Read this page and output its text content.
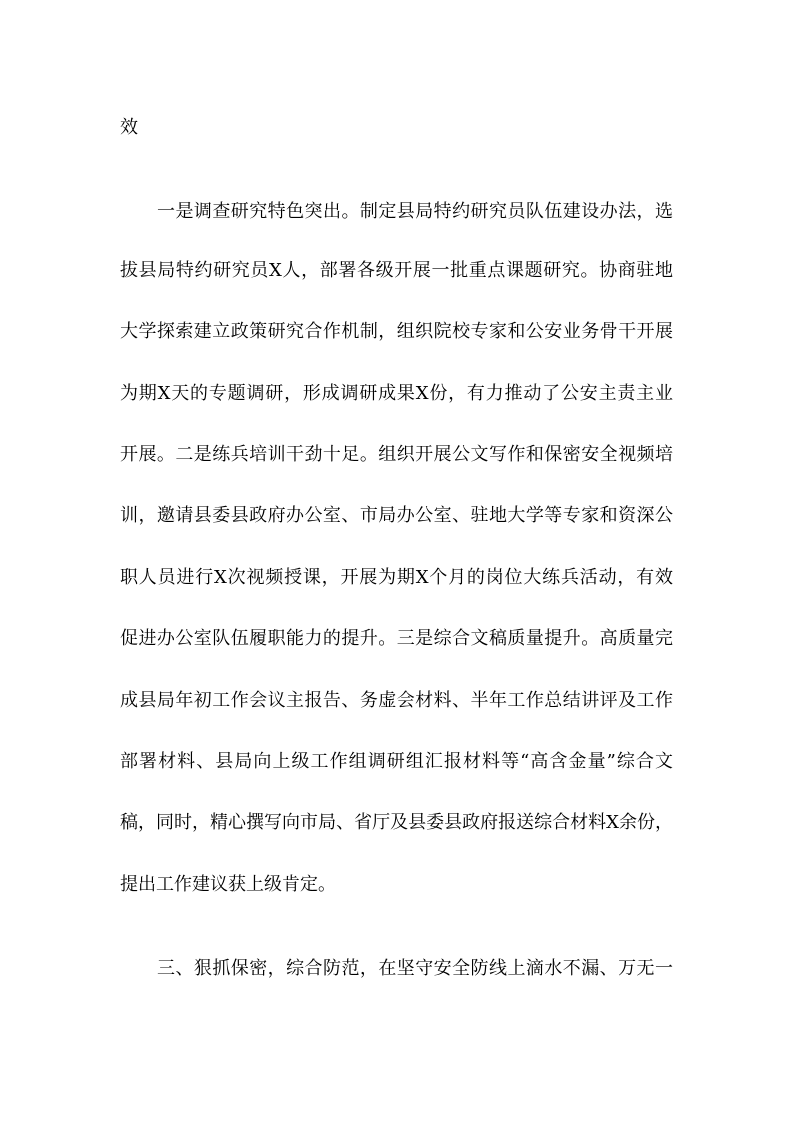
效
一是调查研究特色突出。制定县局特约研究员队伍建设办法，选
拔县局特约研究员X人，部署各级开展一批重点课题研究。协商驻地
大学探索建立政策研究合作机制，组织院校专家和公安业务骨干开展
为期X天的专题调研，形成调研成果X份，有力推动了公安主责主业
开展。二是练兵培训干劲十足。组织开展公文写作和保密安全视频培
训，邀请县委县政府办公室、市局办公室、驻地大学等专家和资深公
职人员进行X次视频授课，开展为期X个月的岗位大练兵活动，有效
促进办公室队伍履职能力的提升。三是综合文稿质量提升。高质量完
成县局年初工作会议主报告、务虚会材料、半年工作总结讲评及工作
部署材料、县局向上级工作组调研组汇报材料等“高含金量”综合文
稿，同时，精心撰写向市局、省厅及县委县政府报送综合材料X余份，
提出工作建议获上级肯定。
三、狠抓保密，综合防范，在坚守安全防线上滴水不漏、万无一
